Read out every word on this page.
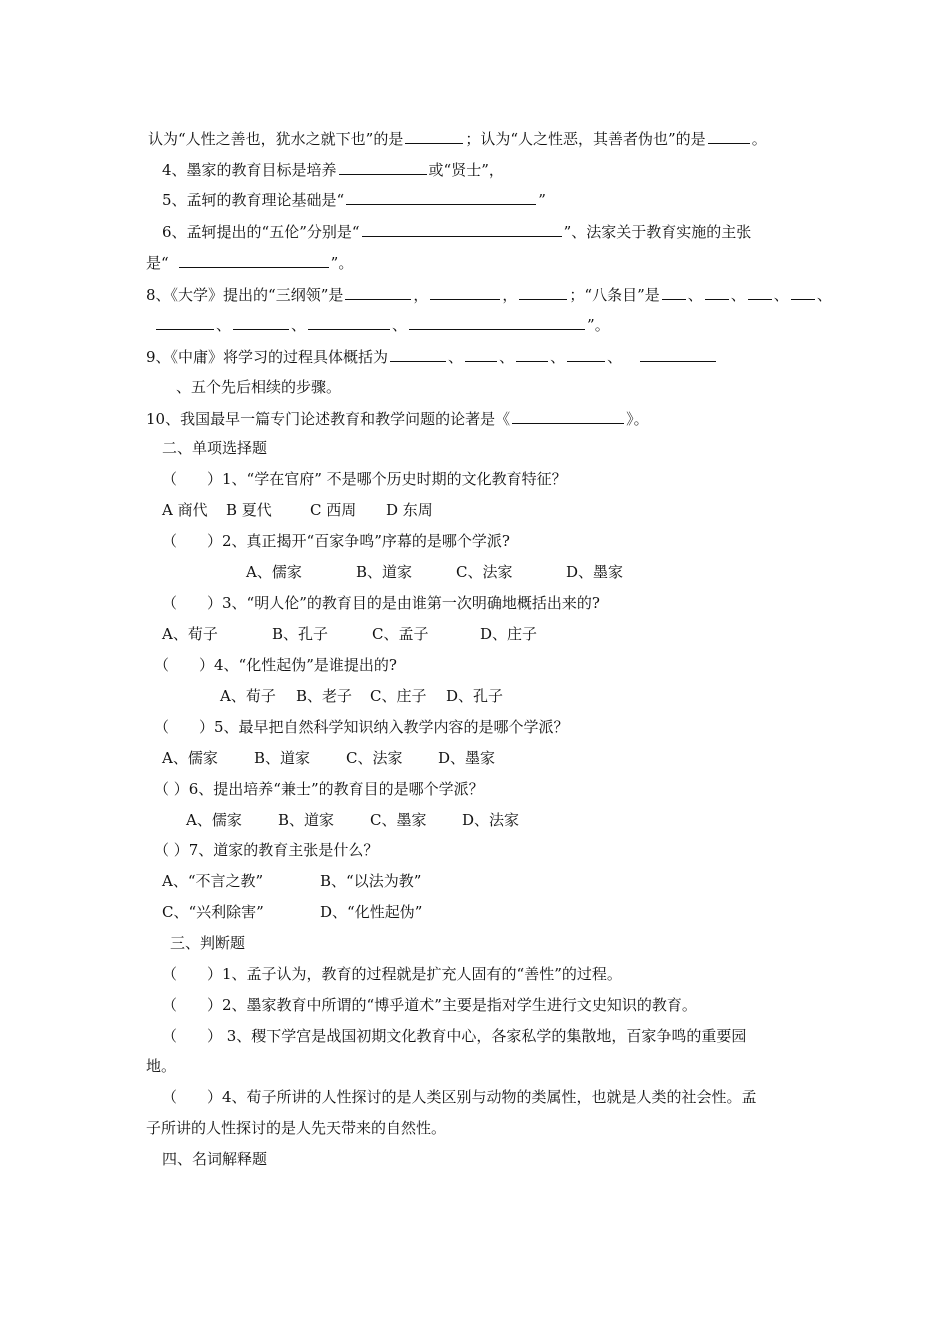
认为“人性之善也，犹水之就下也”的是	；认为“人之性恶，其善者伪也”的是	。
4、墨家的教育目标是培养	或“贤士”，
5、孟轲的教育理论基础是“	”
6、孟轲提出的“五伦”分别是“	”、法家关于教育实施的主张
是“	”。
8、《大学》提出的“三纲领”是	，	，	；“八条目”是 、 、 、 、
、	、	、	”。
9、《中庸》将学习的过程具体概括为	、 、 、	、
、五个先后相续的步骤。
10、我国最早一篇专门论述教育和教学问题的论著是《	》。
二、单项选择题
（　　）1、“学在官府” 不是哪个历史时期的文化教育特征？
A 商代 B 夏代	C 西周 D 东周
（　　）2、真正揭开“百家争鸣”序幕的是哪个学派?
A、儒家	B、道家	C、法家	D、墨家
（　　）3、“明人伦”的教育目的是由谁第一次明确地概括出来的?
A、荀子	B、孔子	C、孟子	D、庄子
（　　）4、“化性起伪”是谁提出的?
A、荀子 B、老子 C、庄子 D、孔子
（　　）5、最早把自然科学知识纳入教学内容的是哪个学派？
A、儒家 B、道家 C、法家 D、墨家
（ ）6、提出培养“兼士”的教育目的是哪个学派？
A、儒家 B、道家 C、墨家 D、法家
（ ）7、道家的教育主张是什么？
A、“不言之教”	B、“以法为教”
C、“兴利除害”	D、“化性起伪”
三、判断题
（　　）1、孟子认为，教育的过程就是扩充人固有的“善性”的过程。
（　　）2、墨家教育中所谓的“博乎道术”主要是指对学生进行文史知识的教育。
（　　） 3、稷下学宫是战国初期文化教育中心，各家私学的集散地，百家争鸣的重要园
地。
（　　）4、荀子所讲的人性探讨的是人类区别与动物的类属性，也就是人类的社会性。孟
子所讲的人性探讨的是人先天带来的自然性。
四、名词解释题
